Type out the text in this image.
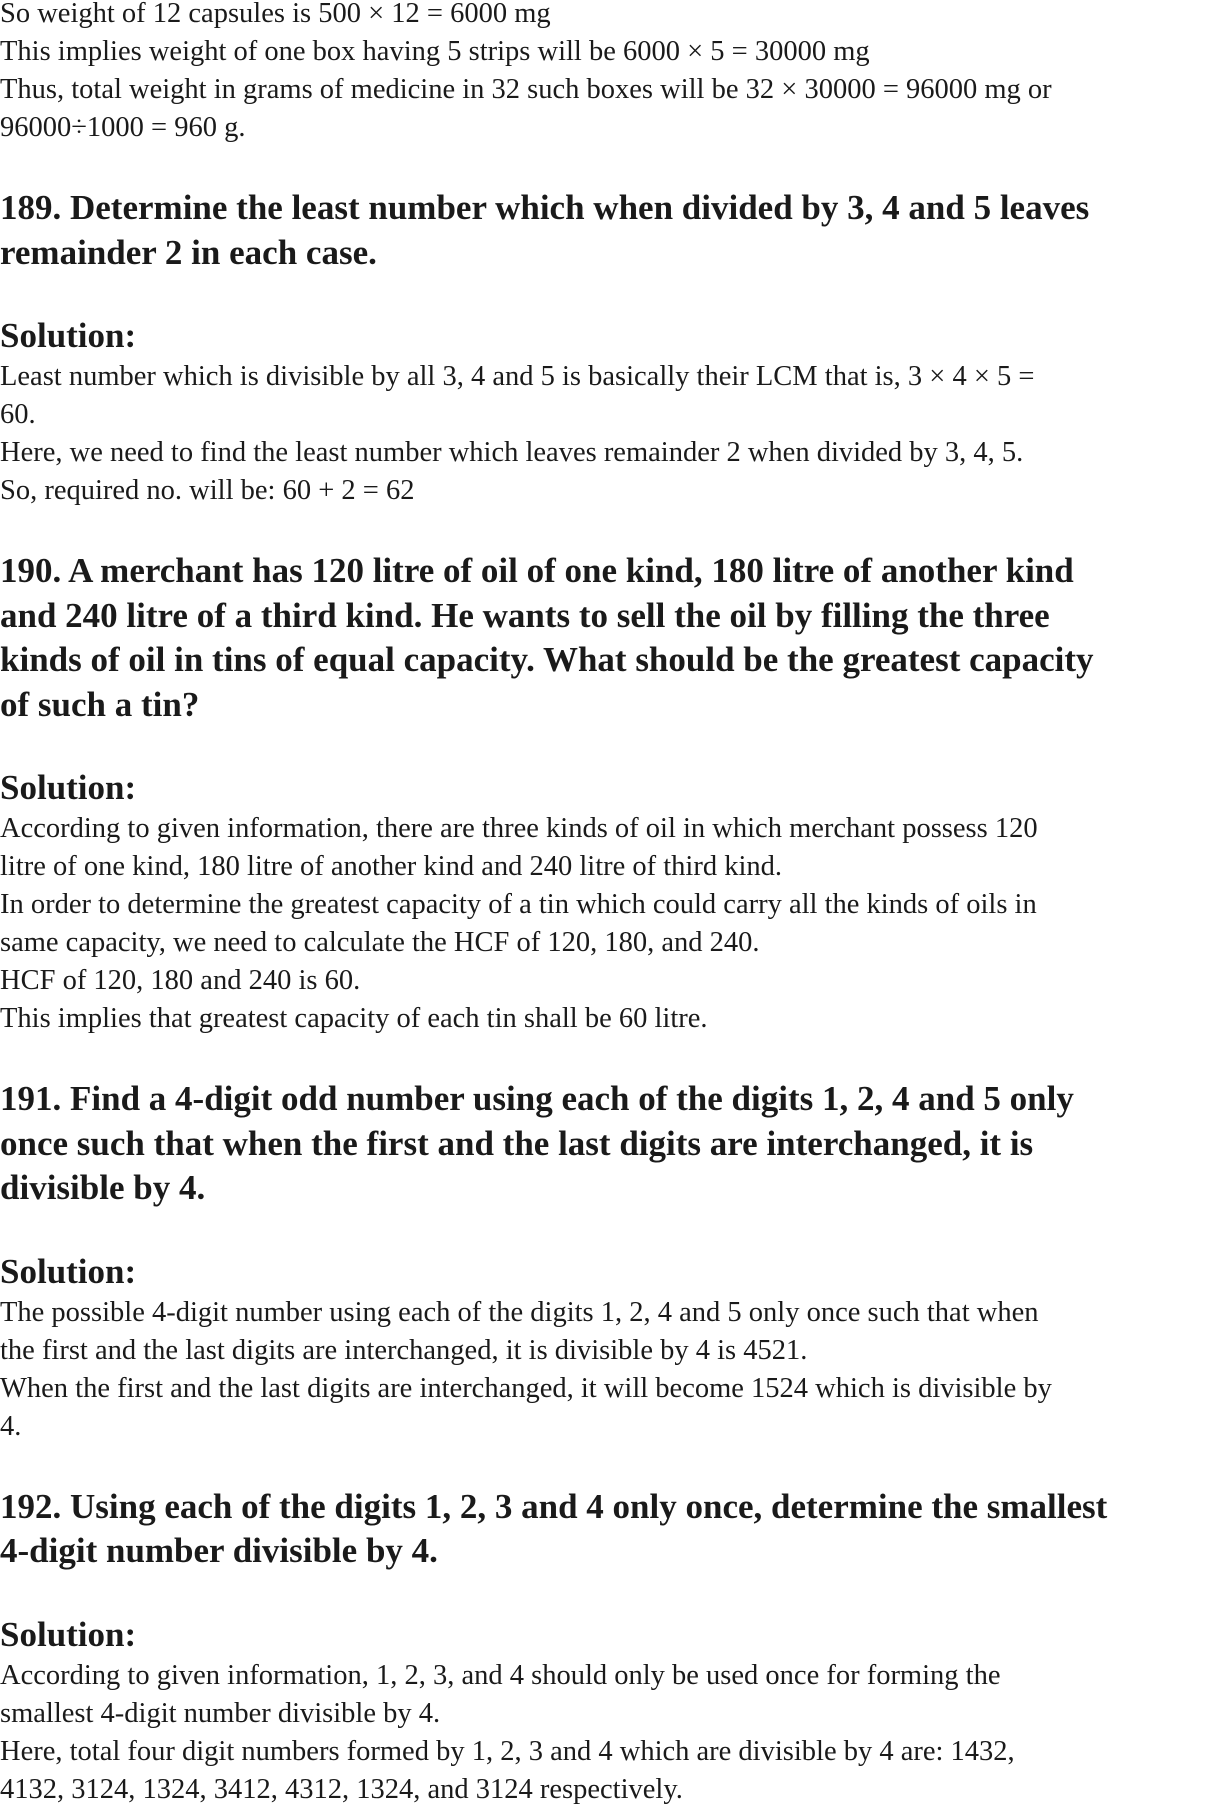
So weight of 12 capsules is 500 × 12 = 6000 mg
This implies weight of one box having 5 strips will be 6000 × 5 = 30000 mg
Thus, total weight in grams of medicine in 32 such boxes will be 32 × 30000 = 96000 mg or
96000÷1000 = 960 g.
189. Determine the least number which when divided by 3, 4 and 5 leaves
remainder 2 in each case.
Solution:
Least number which is divisible by all 3, 4 and 5 is basically their LCM that is, 3 × 4 × 5 =
60.
Here, we need to find the least number which leaves remainder 2 when divided by 3, 4, 5.
So, required no. will be: 60 + 2 = 62
190. A merchant has 120 litre of oil of one kind, 180 litre of another kind
and 240 litre of a third kind. He wants to sell the oil by filling the three
kinds of oil in tins of equal capacity. What should be the greatest capacity
of such a tin?
Solution:
According to given information, there are three kinds of oil in which merchant possess 120
litre of one kind, 180 litre of another kind and 240 litre of third kind.
In order to determine the greatest capacity of a tin which could carry all the kinds of oils in
same capacity, we need to calculate the HCF of 120, 180, and 240.
HCF of 120, 180 and 240 is 60.
This implies that greatest capacity of each tin shall be 60 litre.
191. Find a 4-digit odd number using each of the digits 1, 2, 4 and 5 only
once such that when the first and the last digits are interchanged, it is
divisible by 4.
Solution:
The possible 4-digit number using each of the digits 1, 2, 4 and 5 only once such that when
the first and the last digits are interchanged, it is divisible by 4 is 4521.
When the first and the last digits are interchanged, it will become 1524 which is divisible by
4.
192. Using each of the digits 1, 2, 3 and 4 only once, determine the smallest
4-digit number divisible by 4.
Solution:
According to given information, 1, 2, 3, and 4 should only be used once for forming the
smallest 4-digit number divisible by 4.
Here, total four digit numbers formed by 1, 2, 3 and 4 which are divisible by 4 are: 1432,
4132, 3124, 1324, 3412, 4312, 1324, and 3124 respectively.
